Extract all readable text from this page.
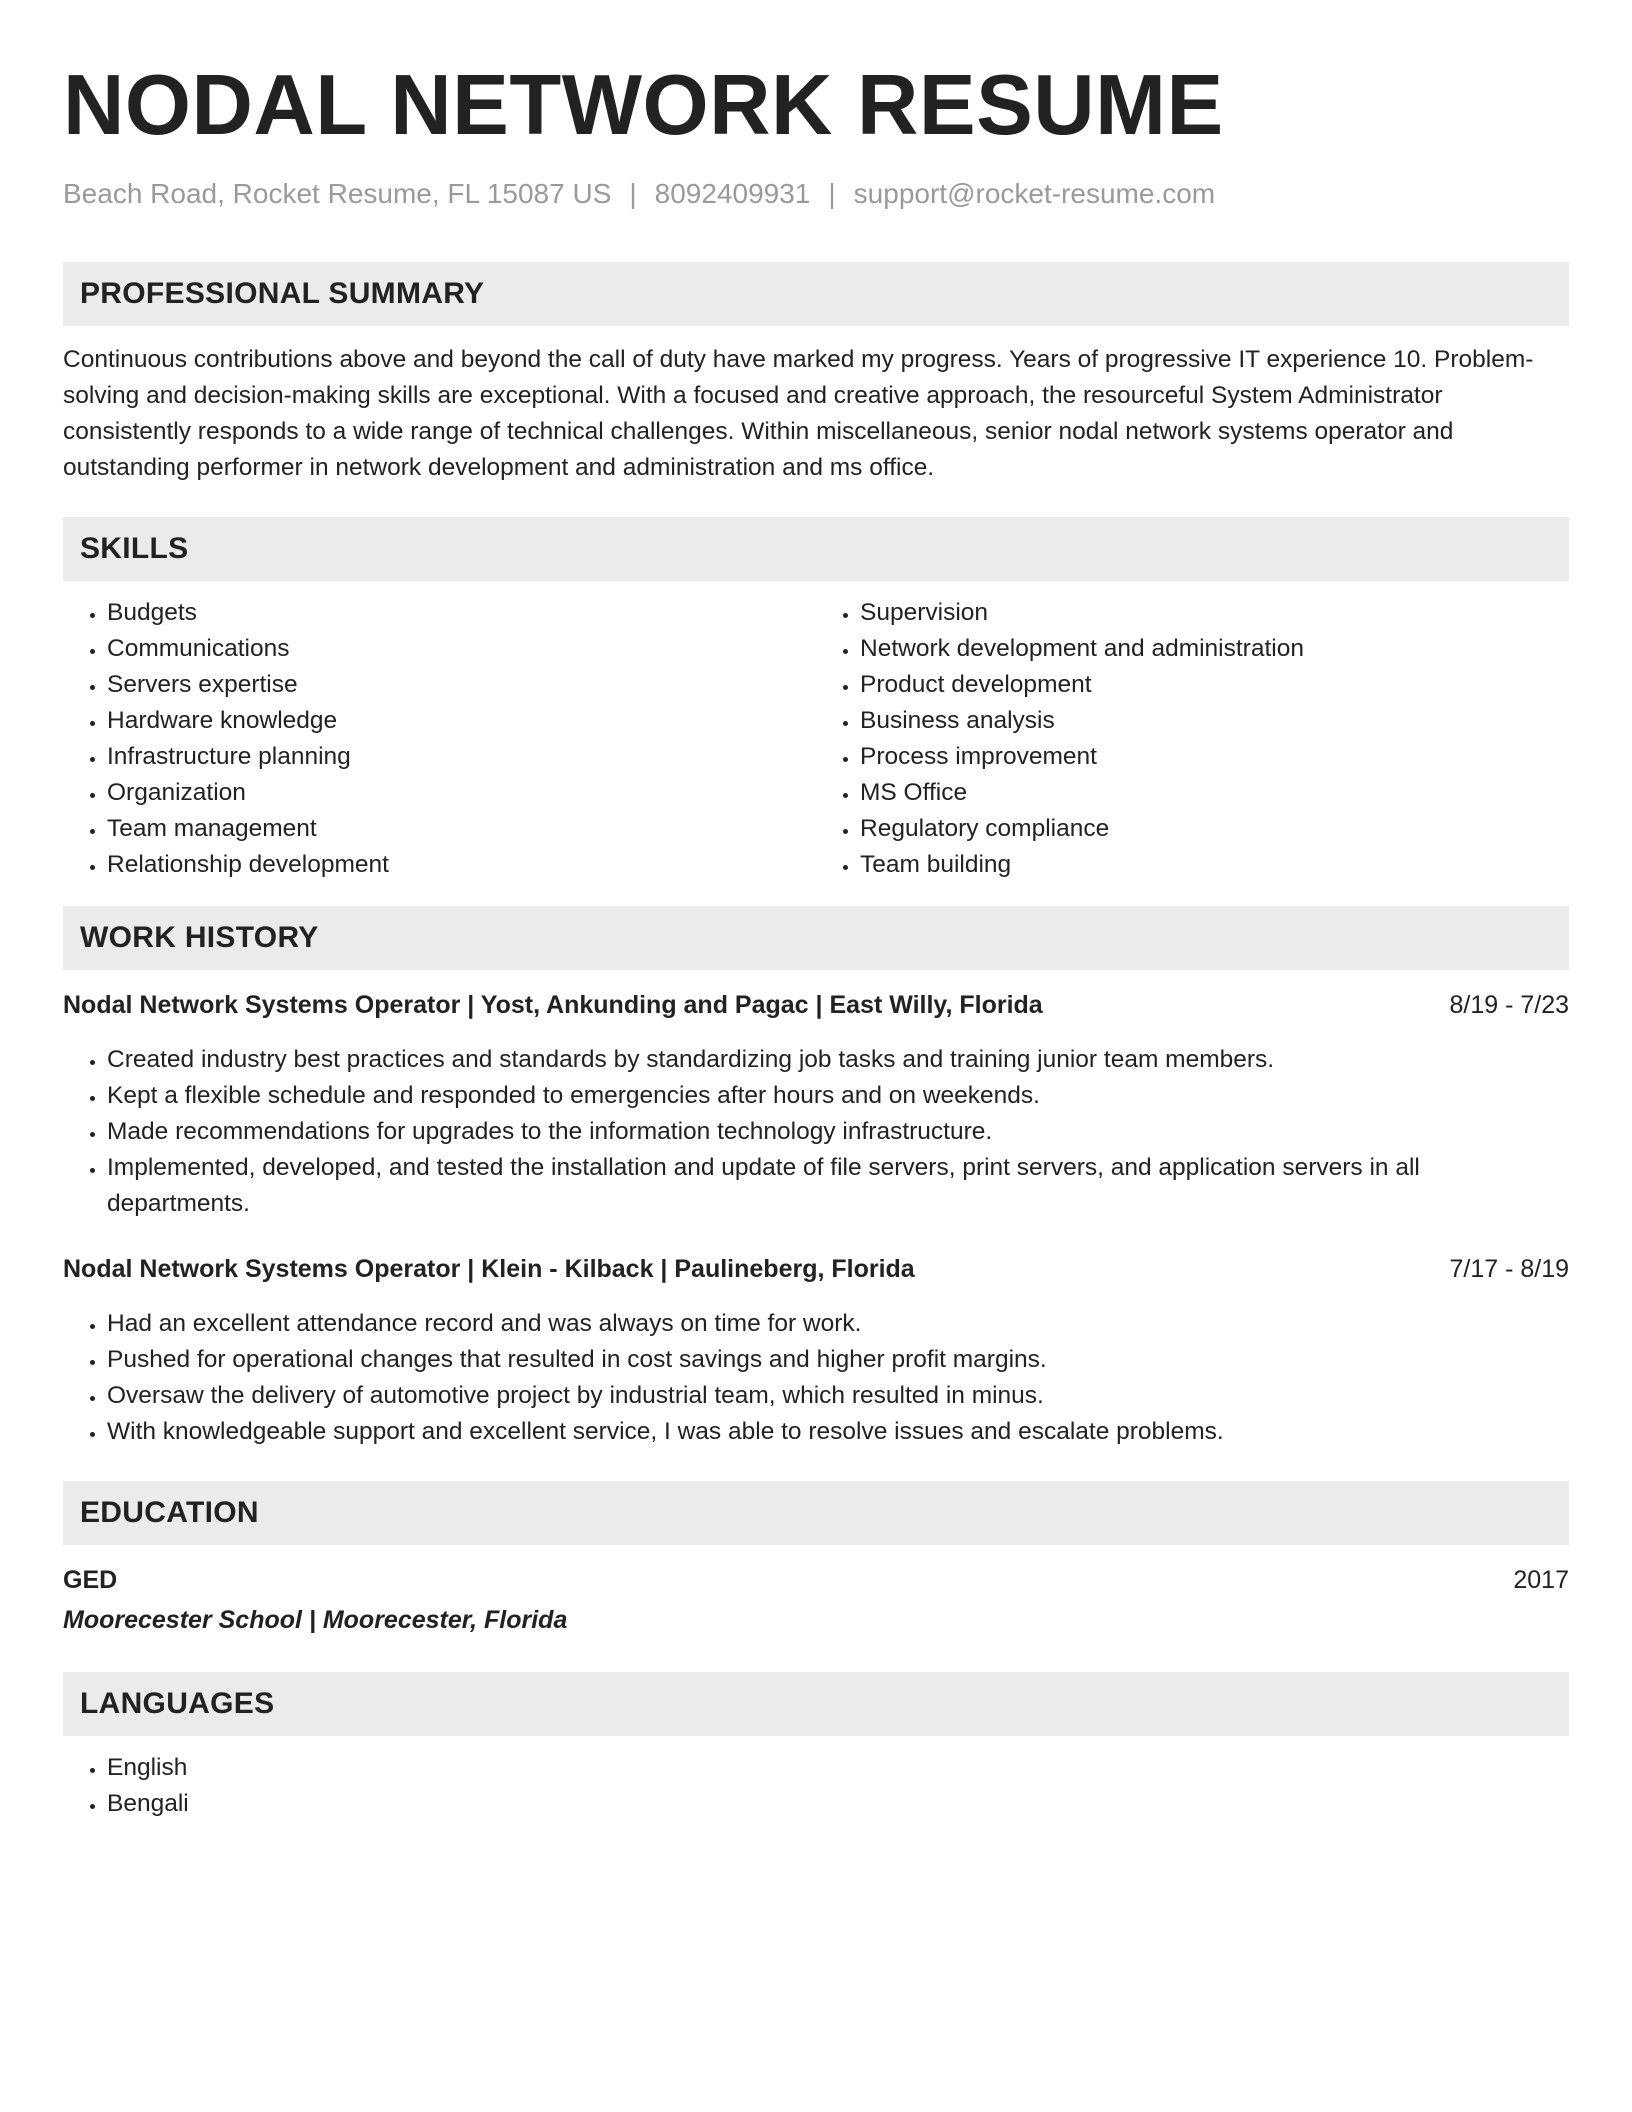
NODAL NETWORK RESUME
Beach Road, Rocket Resume, FL 15087 US | 8092409931 | support@rocket-resume.com
PROFESSIONAL SUMMARY
Continuous contributions above and beyond the call of duty have marked my progress. Years of progressive IT experience 10. Problem-solving and decision-making skills are exceptional. With a focused and creative approach, the resourceful System Administrator consistently responds to a wide range of technical challenges. Within miscellaneous, senior nodal network systems operator and outstanding performer in network development and administration and ms office.
SKILLS
• Budgets
• Communications
• Servers expertise
• Hardware knowledge
• Infrastructure planning
• Organization
• Team management
• Relationship development
• Supervision
• Network development and administration
• Product development
• Business analysis
• Process improvement
• MS Office
• Regulatory compliance
• Team building
WORK HISTORY
Nodal Network Systems Operator | Yost, Ankunding and Pagac | East Willy, Florida	8/19 - 7/23
• Created industry best practices and standards by standardizing job tasks and training junior team members.
• Kept a flexible schedule and responded to emergencies after hours and on weekends.
• Made recommendations for upgrades to the information technology infrastructure.
• Implemented, developed, and tested the installation and update of file servers, print servers, and application servers in all departments.
Nodal Network Systems Operator | Klein - Kilback | Paulineberg, Florida	7/17 - 8/19
• Had an excellent attendance record and was always on time for work.
• Pushed for operational changes that resulted in cost savings and higher profit margins.
• Oversaw the delivery of automotive project by industrial team, which resulted in minus.
• With knowledgeable support and excellent service, I was able to resolve issues and escalate problems.
EDUCATION
GED	2017
Moorecester School | Moorecester, Florida
LANGUAGES
• English
• Bengali
